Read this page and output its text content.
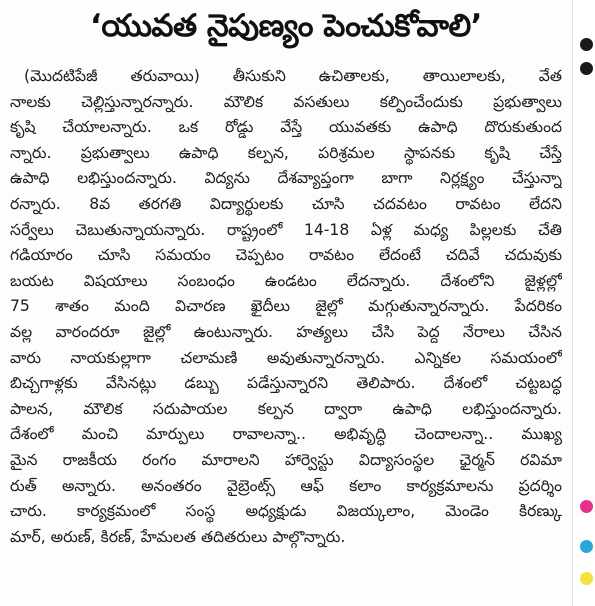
‘యువత నైపుణ్యం పెంచుకోవాలి’
(మొదటిపేజీ తరువాయి) తీసుకుని ఉచితాలకు, తాయిలాలకు, వేత
నాలకు చెల్లిస్తున్నారన్నారు. మౌలిక వసతులు కల్పించేందుకు ప్రభుత్వాలు
కృషి చేయాలన్నారు. ఒక రోడ్డు వేస్తే యువతకు ఉపాధి దొరుకుతుంద
న్నారు. ప్రభుత్వాలు ఉపాధి కల్పన, పరిశ్రమల స్థాపనకు కృషి చేస్తే
ఉపాధి లభిస్తుందన్నారు. విద్యను దేశవ్యాప్తంగా బాగా నిర్లక్ష్యం చేస్తున్నా
రన్నారు. 8వ తరగతి విద్యార్థులకు చూసి చదవటం రావటం లేదని
సర్వేలు చెబుతున్నాయన్నారు. రాష్ట్రంలో 14-18 ఏళ్ల మధ్య పిల్లలకు చేతి
గడియారం చూసి సమయం చెప్పటం రావటం లేదంటే చదివే చదువుకు
బయట విషయాలు సంబంధం ఉండటం లేదన్నారు. దేశంలోని జైళ్లల్లో
75 శాతం మంది విచారణ ఖైదీలు జైల్లో మగ్గుతున్నారన్నారు. పేదరికం
వల్ల వారందరూ జైల్లో ఉంటున్నారు. హత్యలు చేసి పెద్ద నేరాలు చేసిన
వారు నాయకుల్లాగా చలామణి అవుతున్నారన్నారు. ఎన్నికల సమయంలో
బిచ్చగాళ్లకు వేసినట్లు డబ్బు పడేస్తున్నారని తెలిపారు. దేశంలో చట్టబద్ధ
పాలన, మౌలిక సదుపాయల కల్పన ద్వారా ఉపాధి లభిస్తుందన్నారు.
దేశంలో మంచి మార్పులు రావాలన్నా.. అభివృద్ధి చెందాలన్నా.. ముఖ్య
మైన రాజకీయ రంగం మారాలని హార్వెస్టు విద్యాసంస్థల ఛైర్మన్ రవిమా
రుత్ అన్నారు. అనంతరం వైబ్రెంట్స్ ఆఫ్ కలాం కార్యక్రమాలను ప్రదర్శిం
చారు. కార్యక్రమంలో సంస్థ అధ్యక్షుడు విజయ్కలాం, మెండెం కిరణ్కు
మార్, అరుణ్, కిరణ్, హేమలత తదితరులు పాల్గొన్నారు.
